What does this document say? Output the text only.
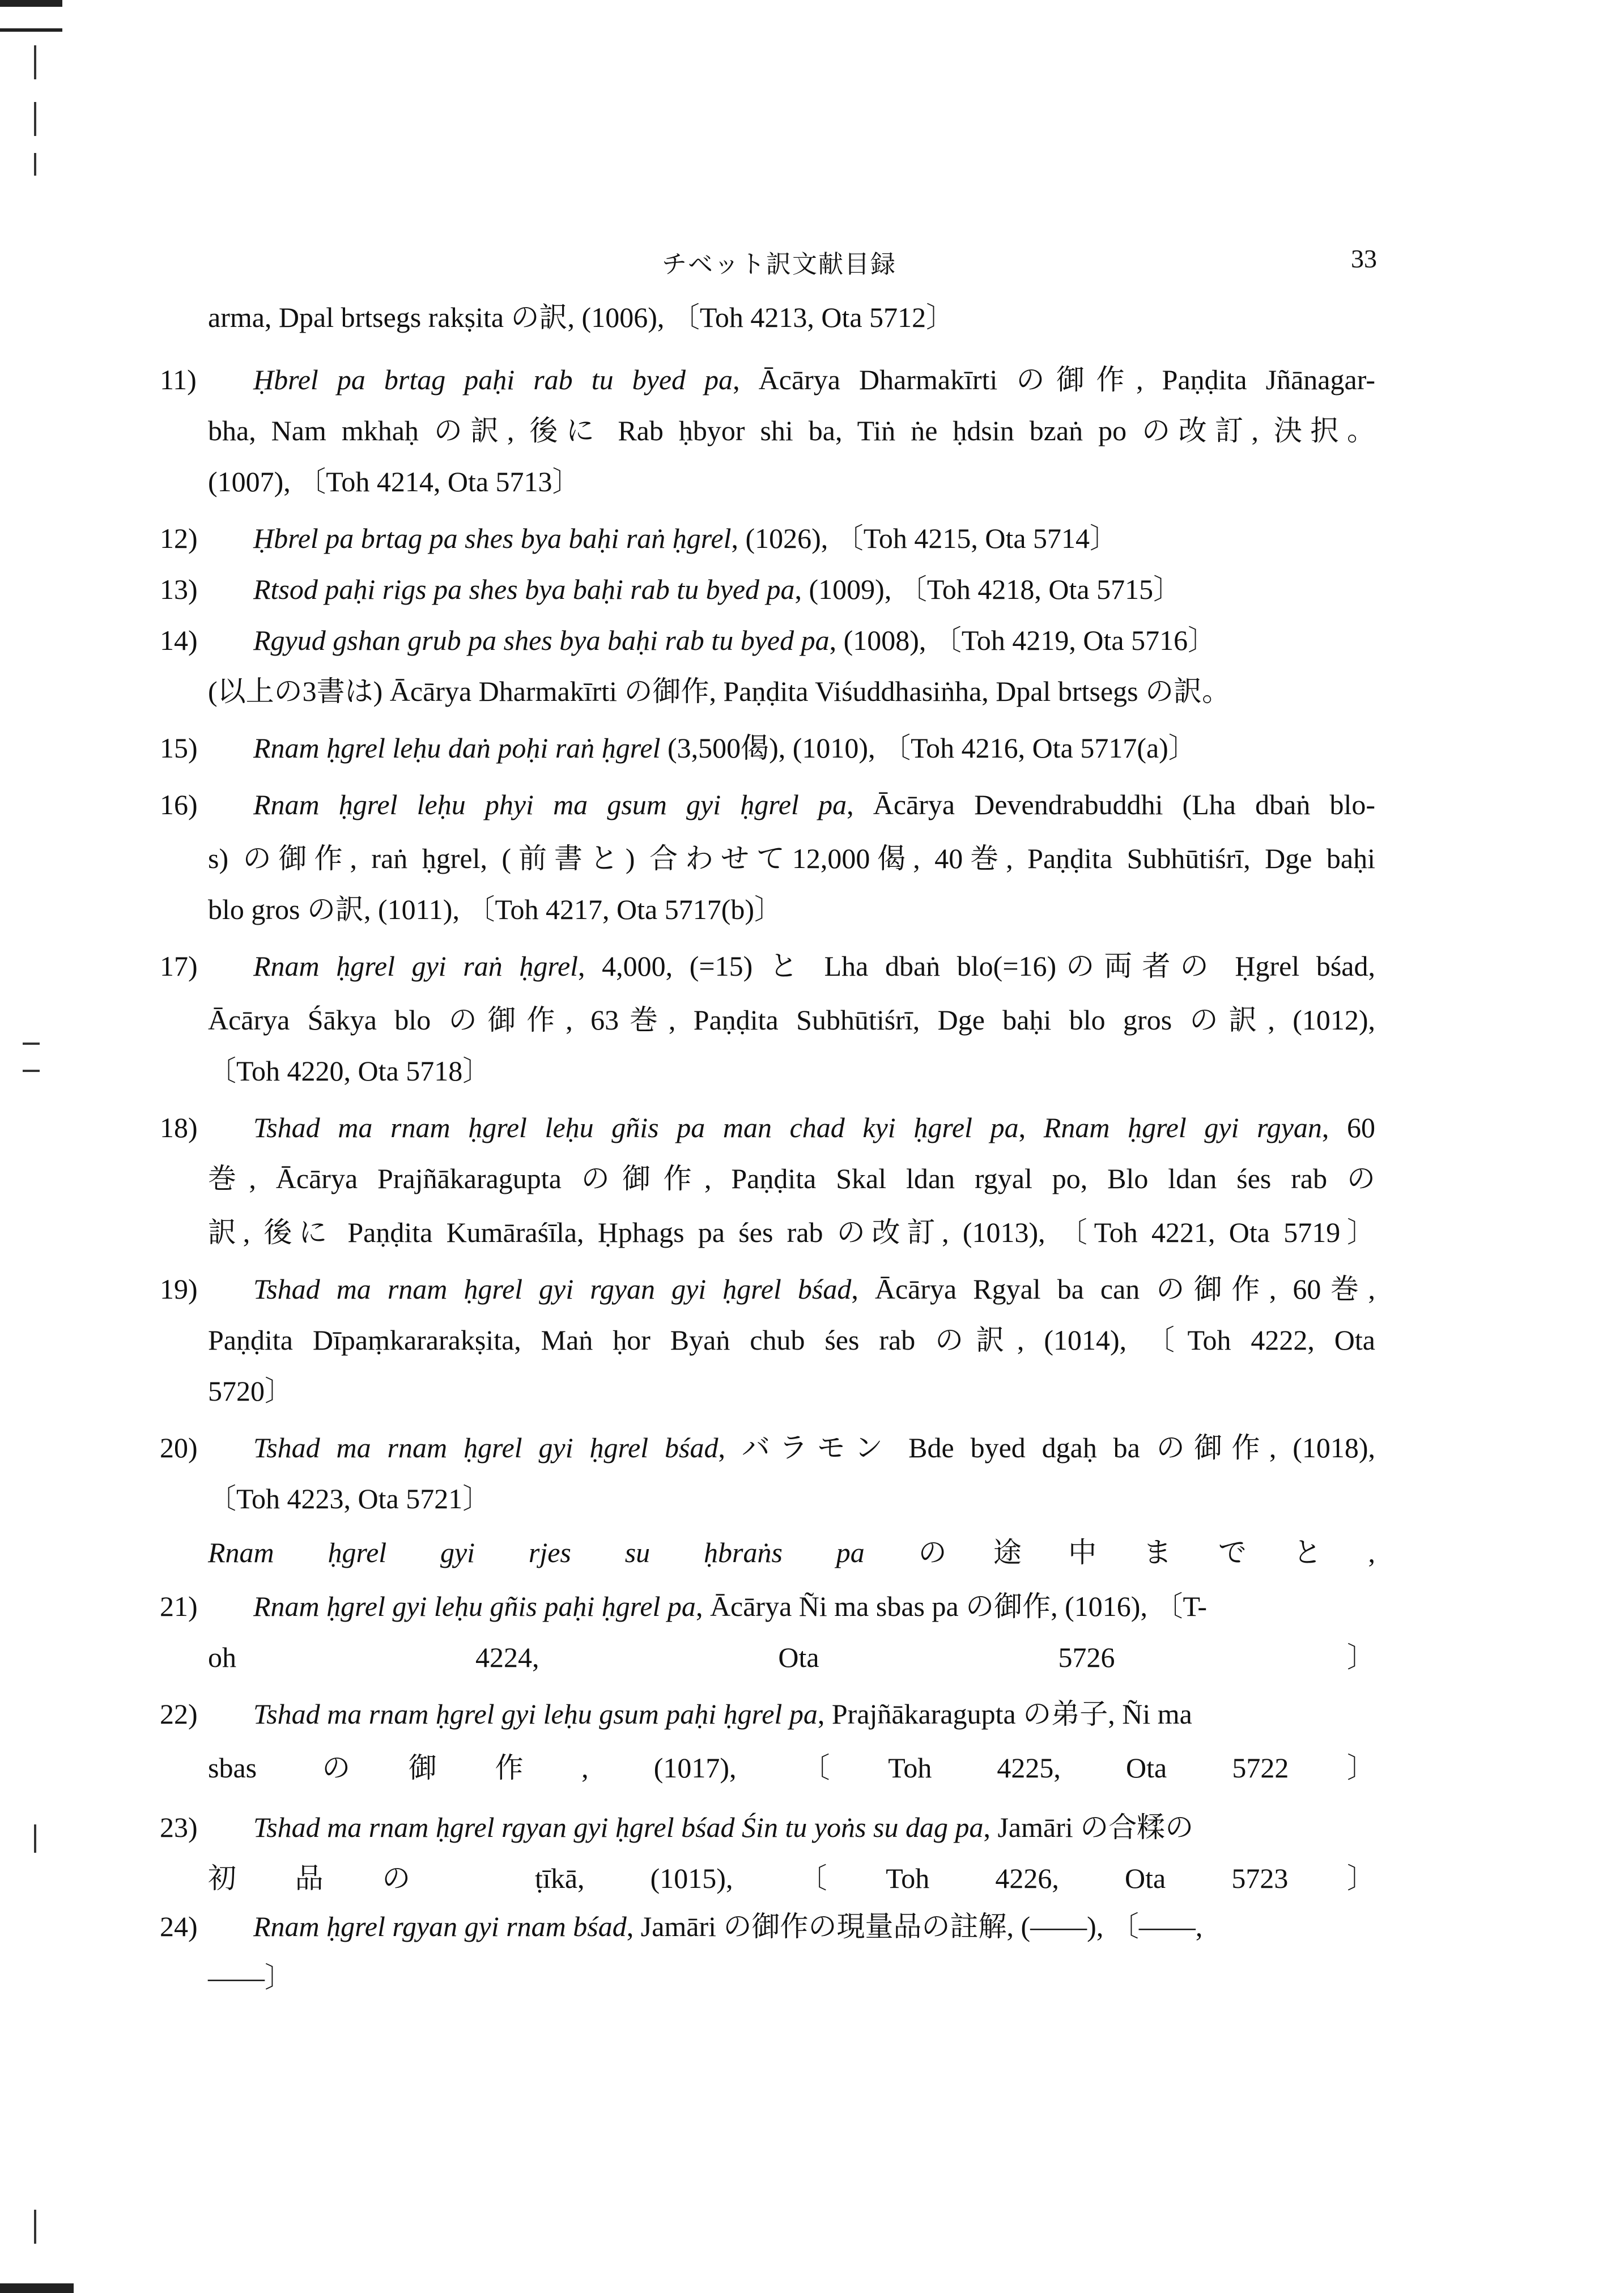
チベット訳文献目録	33
arma, Dpal brtsegs rakṣita の訳, (1006), 〔Toh 4213, Ota 5712〕
11) Ḥbrel pa brtag paḥi rab tu byed pa, Ācārya Dharmakīrti の御作, Paṇḍita Jñānagar-
bha, Nam mkhaḥ の訳, 後に Rab ḥbyor shi ba, Tiṅ ṅe ḥdsin bzaṅ po の改訂, 決択。
(1007), 〔Toh 4214, Ota 5713〕
12) Ḥbrel pa brtag pa shes bya baḥi raṅ ḥgrel, (1026), 〔Toh 4215, Ota 5714〕
13) Rtsod paḥi rigs pa shes bya baḥi rab tu byed pa, (1009), 〔Toh 4218, Ota 5715〕
14) Rgyud gshan grub pa shes bya baḥi rab tu byed pa, (1008), 〔Toh 4219, Ota 5716〕
(以上の3書は) Ācārya Dharmakīrti の御作, Paṇḍita Viśuddhasiṅha, Dpal brtsegs の訳。
15) Rnam ḥgrel leḥu daṅ poḥi raṅ ḥgrel (3,500偈), (1010), 〔Toh 4216, Ota 5717(a)〕
16) Rnam ḥgrel leḥu phyi ma gsum gyi ḥgrel pa, Ācārya Devendrabuddhi (Lha dbaṅ blo-
s) の御作, raṅ ḥgrel, (前書と) 合わせて12,000偈, 40巻, Paṇḍita Subhūtiśrī, Dge baḥi
blo gros の訳, (1011), 〔Toh 4217, Ota 5717(b)〕
17) Rnam ḥgrel gyi raṅ ḥgrel, 4,000, (=15) と Lha dbaṅ blo(=16)の両者の Ḥgrel bśad,
Ācārya Śākya blo の御作, 63巻, Paṇḍita Subhūtiśrī, Dge baḥi blo gros の訳, (1012),
〔Toh 4220, Ota 5718〕
18) Tshad ma rnam ḥgrel leḥu gñis pa man chad kyi ḥgrel pa, Rnam ḥgrel gyi rgyan, 60
巻, Ācārya Prajñākaragupta の御作, Paṇḍita Skal ldan rgyal po, Blo ldan śes rab の
訳, 後に Paṇḍita Kumāraśīla, Ḥphags pa śes rab の改訂, (1013), 〔Toh 4221, Ota 5719〕
19) Tshad ma rnam ḥgrel gyi rgyan gyi ḥgrel bśad, Ācārya Rgyal ba can の御作, 60巻,
Paṇḍita Dīpaṃkararakṣita, Maṅ ḥor Byaṅ chub śes rab の訳, (1014), 〔Toh 4222, Ota
5720〕
20) Tshad ma rnam ḥgrel gyi ḥgrel bśad, バラモン Bde byed dgaḥ ba の御作, (1018),
〔Toh 4223, Ota 5721〕
Rnam ḥgrel gyi rjes su ḥbraṅs pa の途中までと,
21) Rnam ḥgrel gyi leḥu gñis paḥi ḥgrel pa, Ācārya Ñi ma sbas pa の御作, (1016), 〔T-
oh 4224, Ota 5726〕
22) Tshad ma rnam ḥgrel gyi leḥu gsum paḥi ḥgrel pa, Prajñākaragupta の弟子, Ñi ma
sbas の御作, (1017), 〔Toh 4225, Ota 5722〕
23) Tshad ma rnam ḥgrel rgyan gyi ḥgrel bśad Śin tu yoṅs su dag pa, Jamāri の合糅の
初品の ṭīkā, (1015), 〔Toh 4226, Ota 5723〕
24) Rnam ḥgrel rgyan gyi rnam bśad, Jamāri の御作の現量品の註解, (——), 〔——,
——〕
